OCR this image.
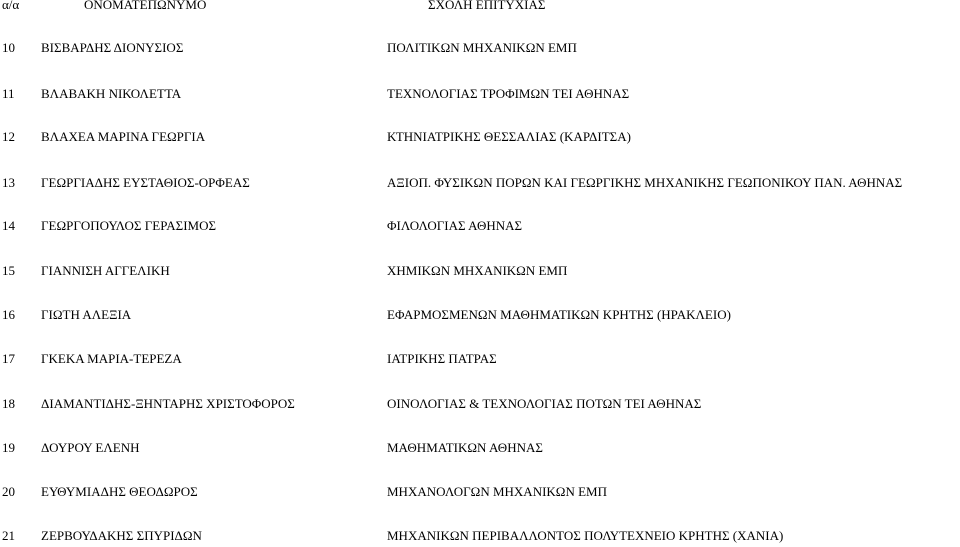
α/α	ΟΝΟΜΑΤΕΠΩΝΥΜΟ	ΣΧΟΛΗ ΕΠΙΤΥΧΙΑΣ
10 ΒΙΣΒΑΡΔΗΣ ΔΙΟΝΥΣΙΟΣ	ΠΟΛΙΤΙΚΩΝ ΜΗΧΑΝΙΚΩΝ ΕΜΠ
11 ΒΛΑΒΑΚΗ ΝΙΚΟΛΕΤΤΑ	ΤΕΧΝΟΛΟΓΙΑΣ ΤΡΟΦΙΜΩΝ ΤΕΙ ΑΘΗΝΑΣ
12 ΒΛΑΧΕΑ ΜΑΡΙΝΑ ΓΕΩΡΓΙΑ	ΚΤΗΝΙΑΤΡΙΚΗΣ ΘΕΣΣΑΛΙΑΣ (ΚΑΡΔΙΤΣΑ)
13 ΓΕΩΡΓΙΑΔΗΣ ΕΥΣΤΑΘΙΟΣ-ΟΡΦΕΑΣ	ΑΞΙΟΠ. ΦΥΣΙΚΩΝ ΠΟΡΩΝ ΚΑΙ ΓΕΩΡΓΙΚΗΣ ΜΗΧΑΝΙΚΗΣ ΓΕΩΠΟΝΙΚΟΥ ΠΑΝ. ΑΘΗΝΑΣ
14 ΓΕΩΡΓΟΠΟΥΛΟΣ ΓΕΡΑΣΙΜΟΣ	ΦΙΛΟΛΟΓΙΑΣ ΑΘΗΝΑΣ
15 ΓΙΑΝΝΙΣΗ ΑΓΓΕΛΙΚΗ	ΧΗΜΙΚΩΝ ΜΗΧΑΝΙΚΩΝ ΕΜΠ
16 ΓΙΩΤΗ ΑΛΕΞΙΑ	ΕΦΑΡΜΟΣΜΕΝΩΝ ΜΑΘΗΜΑΤΙΚΩΝ ΚΡΗΤΗΣ (ΗΡΑΚΛΕΙΟ)
17 ΓΚΕΚΑ ΜΑΡΙΑ-ΤΕΡΕΖΑ	ΙΑΤΡΙΚΗΣ ΠΑΤΡΑΣ
18 ΔΙΑΜΑΝΤΙΔΗΣ-ΞΗΝΤΑΡΗΣ ΧΡΙΣΤΟΦΟΡΟΣ	ΟΙΝΟΛΟΓΙΑΣ & ΤΕΧΝΟΛΟΓΙΑΣ ΠΟΤΩΝ ΤΕΙ ΑΘΗΝΑΣ
19 ΔΟΥΡΟΥ ΕΛΕΝΗ	ΜΑΘΗΜΑΤΙΚΩΝ ΑΘΗΝΑΣ
20 ΕΥΘΥΜΙΑΔΗΣ ΘΕΟΔΩΡΟΣ	ΜΗΧΑΝΟΛΟΓΩΝ ΜΗΧΑΝΙΚΩΝ ΕΜΠ
21 ΖΕΡΒΟΥΔΑΚΗΣ ΣΠΥΡΙΔΩΝ	ΜΗΧΑΝΙΚΩΝ ΠΕΡΙΒΑΛΛΟΝΤΟΣ ΠΟΛΥΤΕΧΝΕΙΟ ΚΡΗΤΗΣ (ΧΑΝΙΑ)
